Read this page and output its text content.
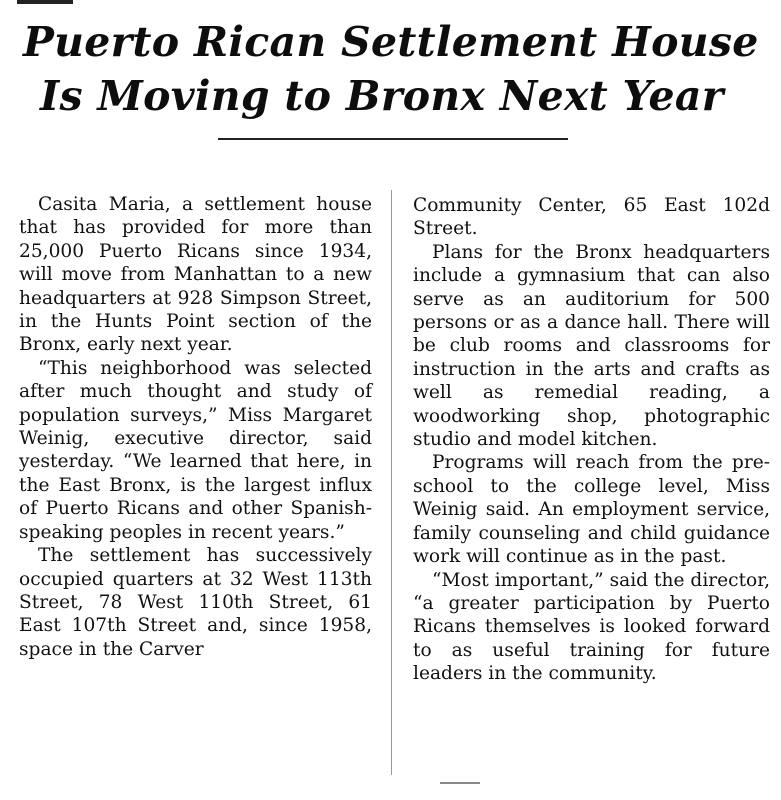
Puerto Rican Settlement House
Is Moving to Bronx Next Year

Casita Maria, a settlement house that has provided for more than 25,000 Puerto Ricans since 1934, will move from Manhattan to a new headquarters at 928 Simpson Street, in the Hunts Point section of the Bronx, early next year.

“This neighborhood was selected after much thought and study of population surveys,” Miss Margaret Weinig, executive director, said yesterday. “We learned that here, in the East Bronx, is the largest influx of Puerto Ricans and other Spanish-speaking peoples in recent years.”

The settlement has successively occupied quarters at 32 West 113th Street, 78 West 110th Street, 61 East 107th Street and, since 1958, space in the Carver

Community Center, 65 East 102d Street.

Plans for the Bronx headquarters include a gymnasium that can also serve as an auditorium for 500 persons or as a dance hall. There will be club rooms and classrooms for instruction in the arts and crafts as well as remedial reading, a woodworking shop, photographic studio and model kitchen.

Programs will reach from the pre-school to the college level, Miss Weinig said. An employment service, family counseling and child guidance work will continue as in the past.

“Most important,” said the director, “a greater participation by Puerto Ricans themselves is looked forward to as useful training for future leaders in the community.
